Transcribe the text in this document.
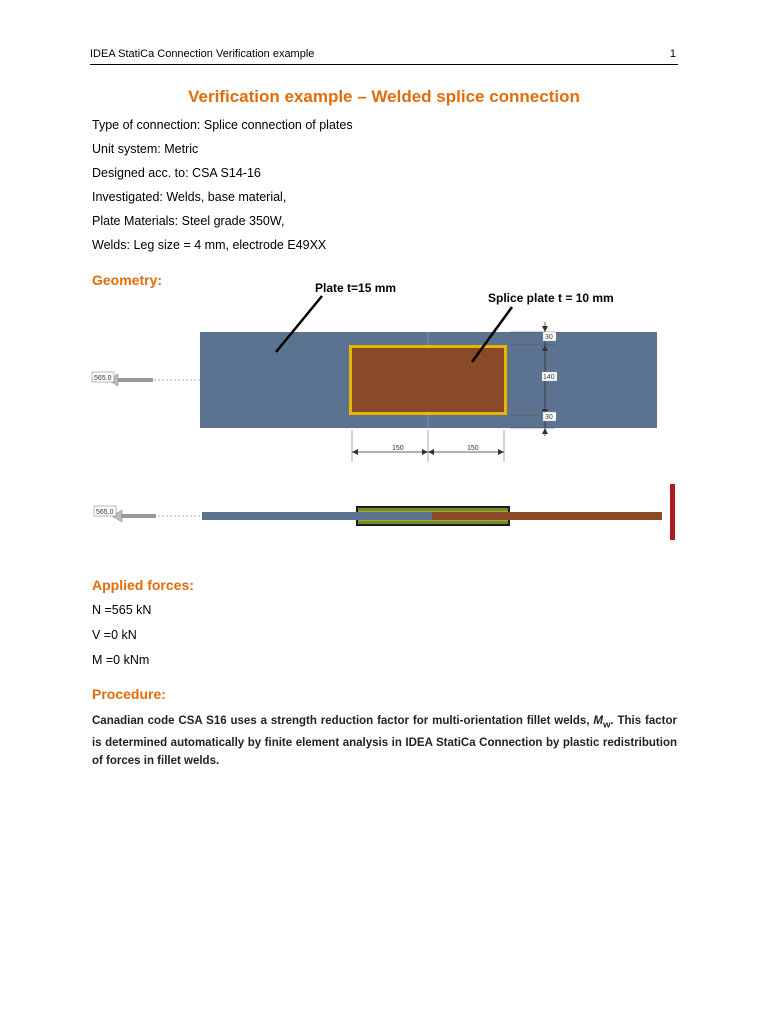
IDEA StatiCa Connection Verification example	1
Verification example – Welded splice connection
Type of connection: Splice connection of plates
Unit system: Metric
Designed acc. to: CSA S14-16
Investigated: Welds, base material,
Plate Materials: Steel grade 350W,
Welds: Leg size = 4 mm, electrode E49XX
Geometry:	Plate t=15 mm
Splice plate t = 10 mm
565.0
30
140
30
150	150
565.0
Applied forces:
N =565 kN
V =0 kN
M =0 kNm
Procedure:
Canadian code CSA S16 uses a strength reduction factor for multi-orientation fillet welds, $M_w$. This factor is determined automatically by finite element analysis in IDEA StatiCa Connection by plastic redistribution of forces in fillet welds.
